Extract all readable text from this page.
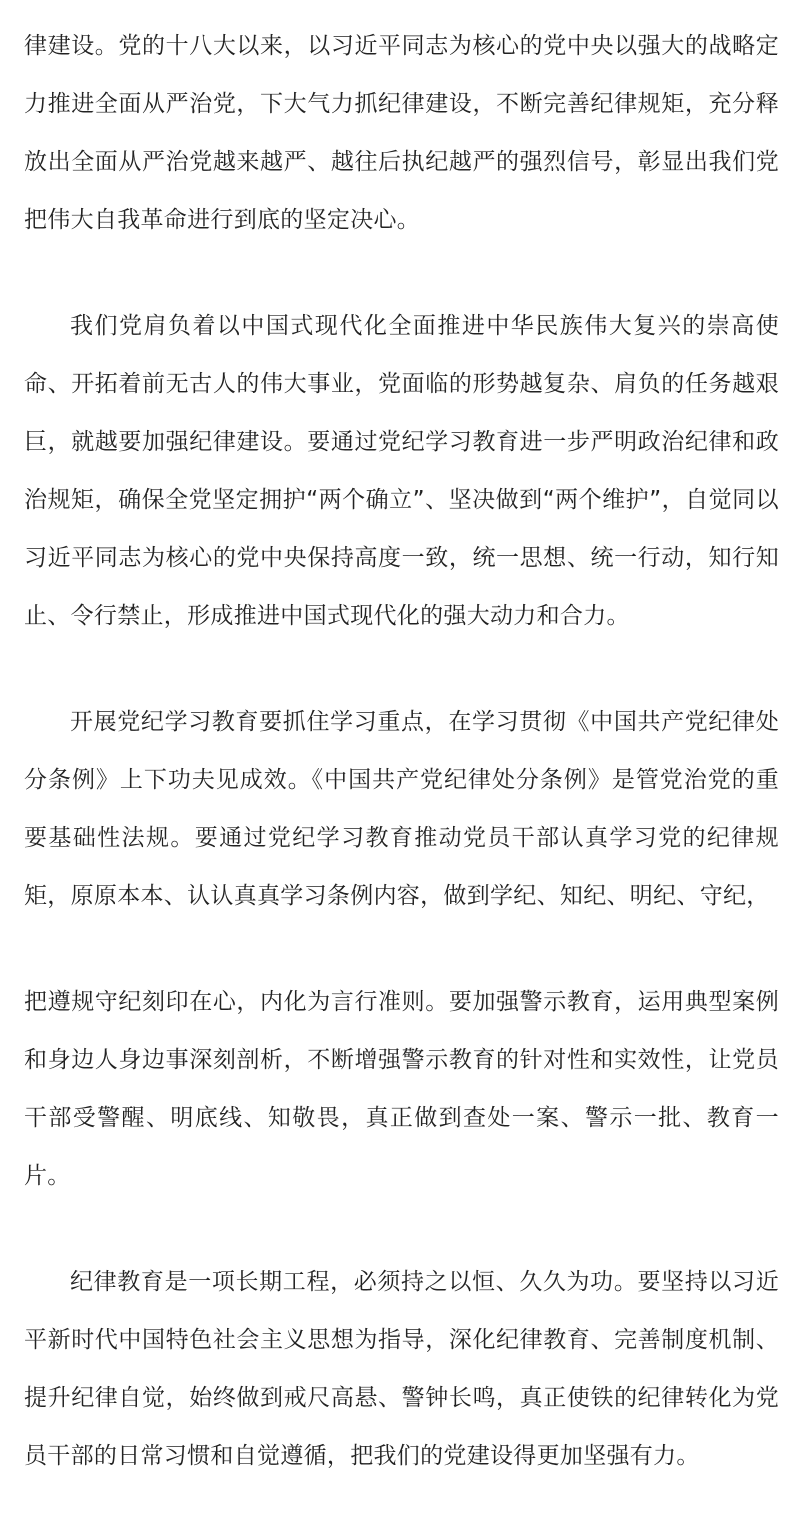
律建设。党的十八大以来，以习近平同志为核心的党中央以强大的战略定力推进全面从严治党，下大气力抓纪律建设，不断完善纪律规矩，充分释放出全面从严治党越来越严、越往后执纪越严的强烈信号，彰显出我们党把伟大自我革命进行到底的坚定决心。

我们党肩负着以中国式现代化全面推进中华民族伟大复兴的崇高使命、开拓着前无古人的伟大事业，党面临的形势越复杂、肩负的任务越艰巨，就越要加强纪律建设。要通过党纪学习教育进一步严明政治纪律和政治规矩，确保全党坚定拥护“两个确立”、坚决做到“两个维护”，自觉同以习近平同志为核心的党中央保持高度一致，统一思想、统一行动，知行知止、令行禁止，形成推进中国式现代化的强大动力和合力。

开展党纪学习教育要抓住学习重点，在学习贯彻《中国共产党纪律处分条例》上下功夫见成效。《中国共产党纪律处分条例》是管党治党的重要基础性法规。要通过党纪学习教育推动党员干部认真学习党的纪律规矩，原原本本、认认真真学习条例内容，做到学纪、知纪、明纪、守纪，

把遵规守纪刻印在心，内化为言行准则。要加强警示教育，运用典型案例和身边人身边事深刻剖析，不断增强警示教育的针对性和实效性，让党员干部受警醒、明底线、知敬畏，真正做到查处一案、警示一批、教育一片。

纪律教育是一项长期工程，必须持之以恒、久久为功。要坚持以习近平新时代中国特色社会主义思想为指导，深化纪律教育、完善制度机制、提升纪律自觉，始终做到戒尺高悬、警钟长鸣，真正使铁的纪律转化为党员干部的日常习惯和自觉遵循，把我们的党建设得更加坚强有力。
